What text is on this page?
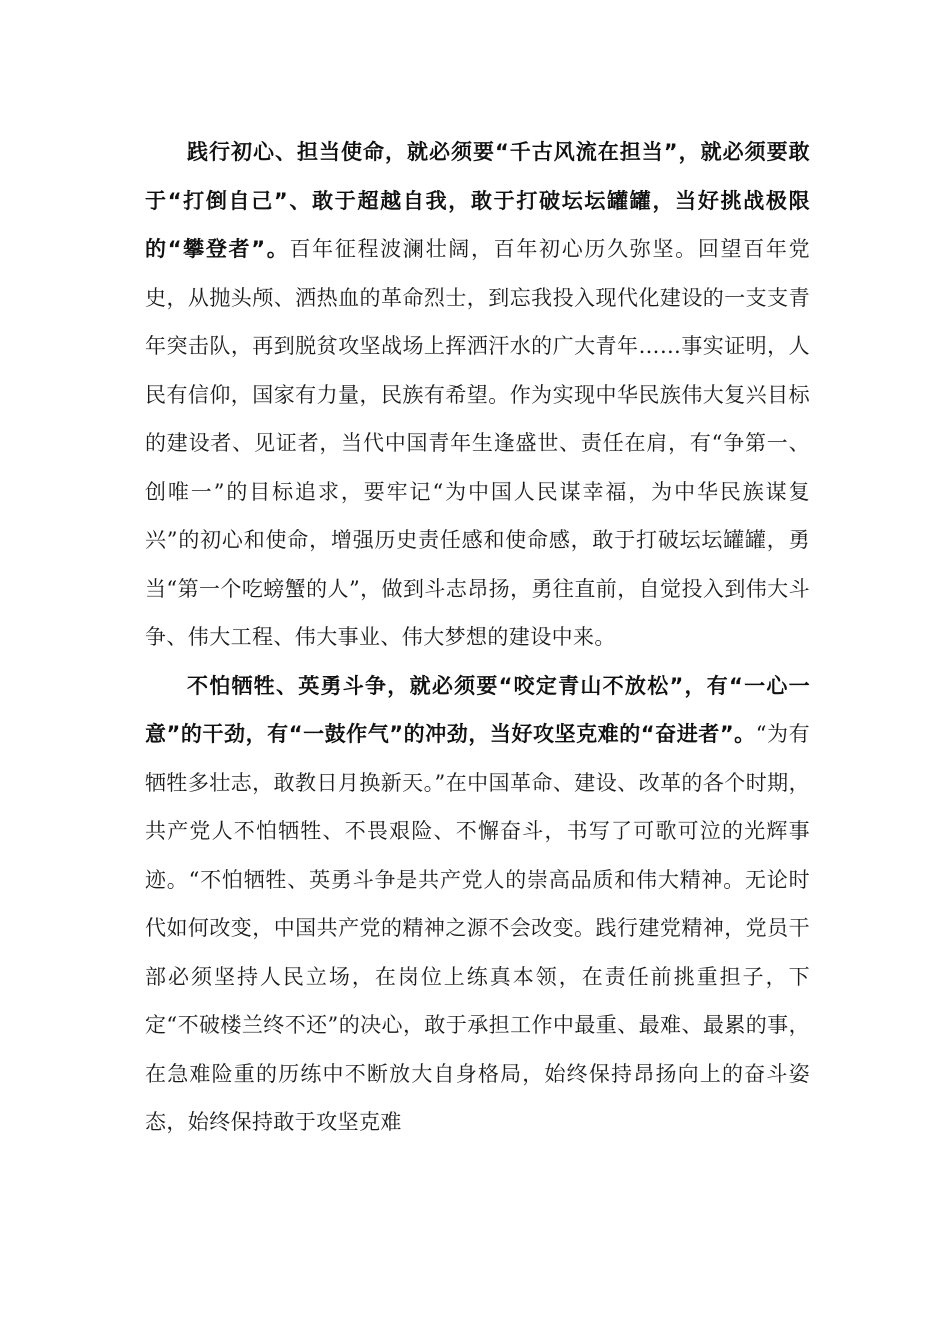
践行初心、担当使命，就必须要“千古风流在担当”，就必须要敢于“打倒自己”、敢于超越自我，敢于打破坛坛罐罐，当好挑战极限的“攀登者”。百年征程波澜壮阔，百年初心历久弥坚。回望百年党史，从抛头颅、洒热血的革命烈士，到忘我投入现代化建设的一支支青年突击队，再到脱贫攻坚战场上挥洒汗水的广大青年……事实证明，人民有信仰，国家有力量，民族有希望。作为实现中华民族伟大复兴目标的建设者、见证者，当代中国青年生逢盛世、责任在肩，有“争第一、创唯一”的目标追求，要牢记“为中国人民谋幸福，为中华民族谋复兴”的初心和使命，增强历史责任感和使命感，敢于打破坛坛罐罐，勇当“第一个吃螃蟹的人”，做到斗志昂扬，勇往直前，自觉投入到伟大斗争、伟大工程、伟大事业、伟大梦想的建设中来。

不怕牺牲、英勇斗争，就必须要“咬定青山不放松”，有“一心一意”的干劲，有“一鼓作气”的冲劲，当好攻坚克难的“奋进者”。“为有牺牲多壮志，敢教日月换新天。”在中国革命、建设、改革的各个时期，共产党人不怕牺牲、不畏艰险、不懈奋斗，书写了可歌可泣的光辉事迹。“不怕牺牲、英勇斗争是共产党人的崇高品质和伟大精神。无论时代如何改变，中国共产党的精神之源不会改变。践行建党精神，党员干部必须坚持人民立场，在岗位上练真本领，在责任前挑重担子，下定“不破楼兰终不还”的决心，敢于承担工作中最重、最难、最累的事，在急难险重的历练中不断放大自身格局，始终保持昂扬向上的奋斗姿态，始终保持敢于攻坚克难
